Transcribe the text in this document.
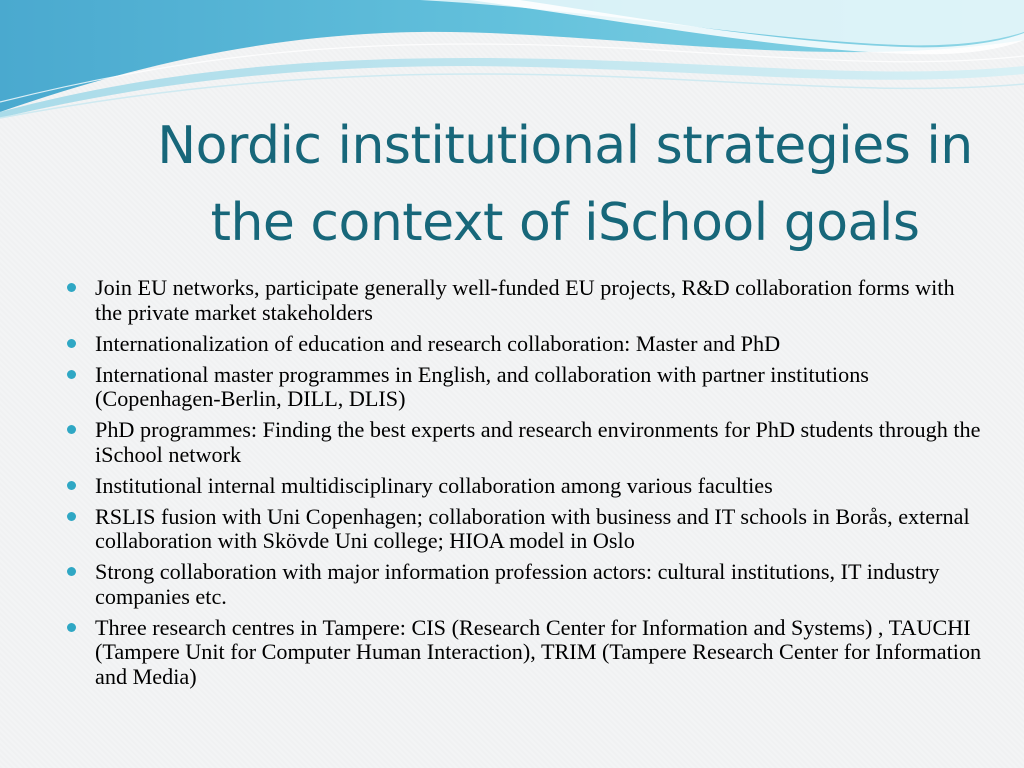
Nordic institutional strategies in
the context of iSchool goals
Join EU networks, participate generally well-funded EU projects, R&D collaboration forms with the private market stakeholders
Internationalization of education and research collaboration: Master and PhD
International master programmes in English, and collaboration with partner institutions (Copenhagen-Berlin, DILL, DLIS)
PhD programmes: Finding the best experts and research environments for PhD students through the iSchool network
Institutional internal multidisciplinary collaboration among various faculties
RSLIS fusion with Uni Copenhagen; collaboration with business and IT schools in Borås, external collaboration with Skövde Uni college; HIOA model in Oslo
Strong collaboration with major information profession actors: cultural institutions, IT industry companies etc.
Three research centres in Tampere: CIS (Research Center for Information and Systems) , TAUCHI (Tampere Unit for Computer Human Interaction), TRIM (Tampere Research Center for Information and Media)
